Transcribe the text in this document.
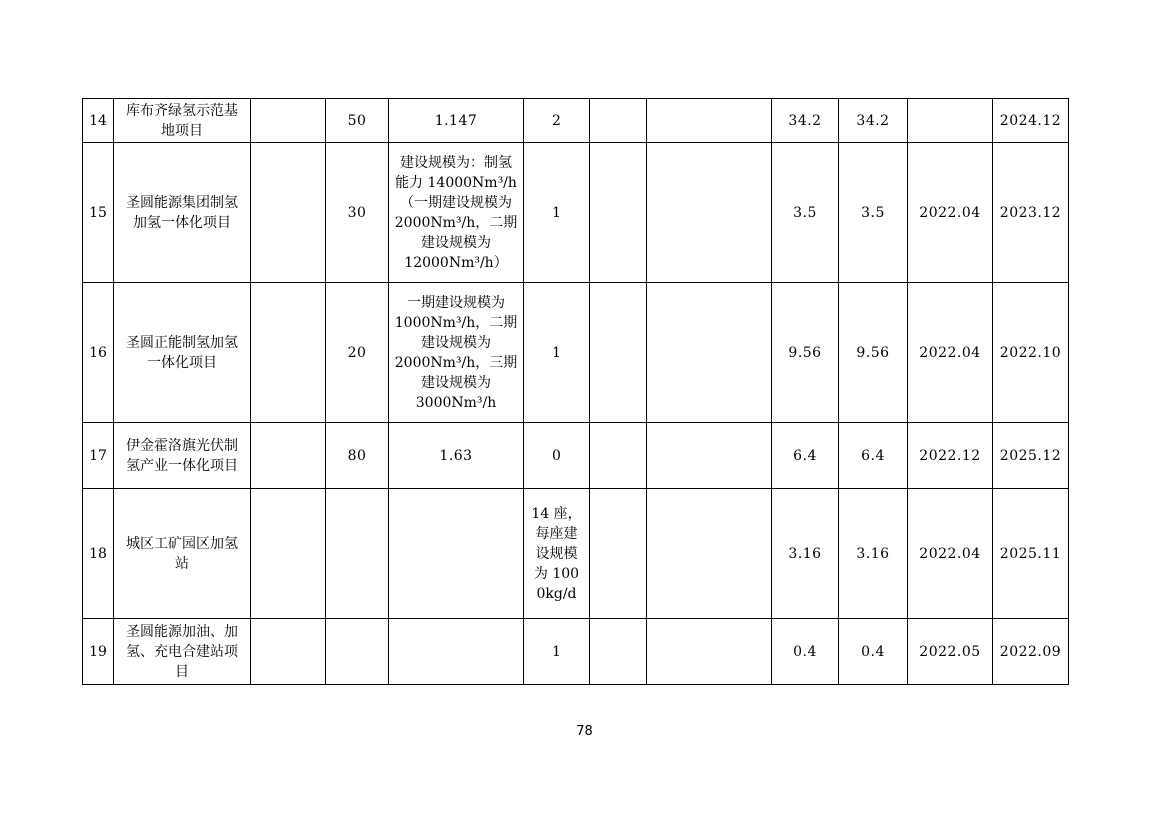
14	库布齐绿氢示范基地项目		50	1.147	2			34.2	34.2		2024.12
15	圣圆能源集团制氢加氢一体化项目		30	建设规模为：制氢能力 14000Nm³/h（一期建设规模为 2000Nm³/h，二期建设规模为 12000Nm³/h）	1			3.5	3.5	2022.04	2023.12
16	圣圆正能制氢加氢一体化项目		20	一期建设规模为 1000Nm³/h，二期建设规模为 2000Nm³/h，三期建设规模为 3000Nm³/h	1			9.56	9.56	2022.04	2022.10
17	伊金霍洛旗光伏制氢产业一体化项目		80	1.63	0			6.4	6.4	2022.12	2025.12
18	城区工矿园区加氢站				14 座，每座建设规模为 1000kg/d			3.16	3.16	2022.04	2025.11
19	圣圆能源加油、加氢、充电合建站项目				1			0.4	0.4	2022.05	2022.09
78
